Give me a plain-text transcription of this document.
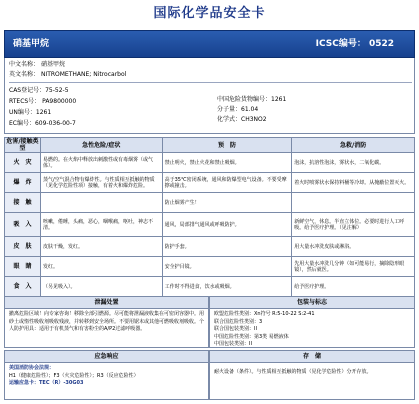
国际化学品安全卡
硝基甲烷	ICSC编号： 0522
中文名称： 硝基甲烷
英文名称： NITROMETHANE; Nitrocarbol
CAS登记号：75-52-5
RTECS号： PA9800000
UN编号：1261
EC编号：609-036-00-7
中国危险货物编号：1261
分子量：61.04
化学式：CH3NO2
危害/接触类型	急性危险/症状	预　防	急救/消防
火　灾	易燃的。在火焰中释放出刺激性或有毒烟雾（或气体）。	禁止明火，禁止火花和禁止吸烟。	泡沫，抗溶性泡沫，雾状水，二氧化碳。
爆　炸	蒸气/空气混合物有爆炸性。与性质相互抵触的物质（见化学危险性项）接触，有着火和爆炸危险。	高于35℃密闭系统，通风和防爆型电气设备。不要受摩擦或撞击。	着火时喷雾状水保持料桶等冷却。从掩蔽位置灭火。
接　触		防止烟雾产生！	
吸　入	咳嗽，倦睡，头痛，恶心，咽喉痛，呕吐，神志不清。	通风，局部排气通风或呼吸防护。	新鲜空气，休息。半直立体位。必要时进行人工呼吸。给予医疗护理。（见注解）
皮　肤	皮肤干燥，发红。	防护手套。	用大量水冲洗皮肤或淋浴。
眼　睛	发红。	安全护目镜。	先用大量水冲洗几分钟（如可能易行，摘除隐形眼镜），然后就医。
食　入	（另见吸入）。	工作时不得进食，饮水或吸烟。	给予医疗护理。
泄漏处置
撤离危险区域！向专家咨询！移除全部引燃源。尽可能将泄漏液收集在可密闭容器中。用砂土或惰性吸收剂吸收残液，并转移到安全场所。不要用锯末或其他可燃吸收剂吸收。个人防护用具：适用于有机蒸气和有害粉尘的A/P2过滤呼吸器。
包装与标志
欧盟危险性类别：Xn符号 R:5-10-22 S:2-41
联合国危险性类别：3
联合国包装类别：II
中国危险性类别：第3类 易燃液体
中国包装类别：II
应急响应
美国消防协会法规：
H1（健康危险性）；F3（火灾危险性）；R3（反应危险性）
运输应急卡：TEC（R）-30G03
存　储
耐火设备（条件）。与性质相互抵触的物质（见化学危险性）分开存放。
